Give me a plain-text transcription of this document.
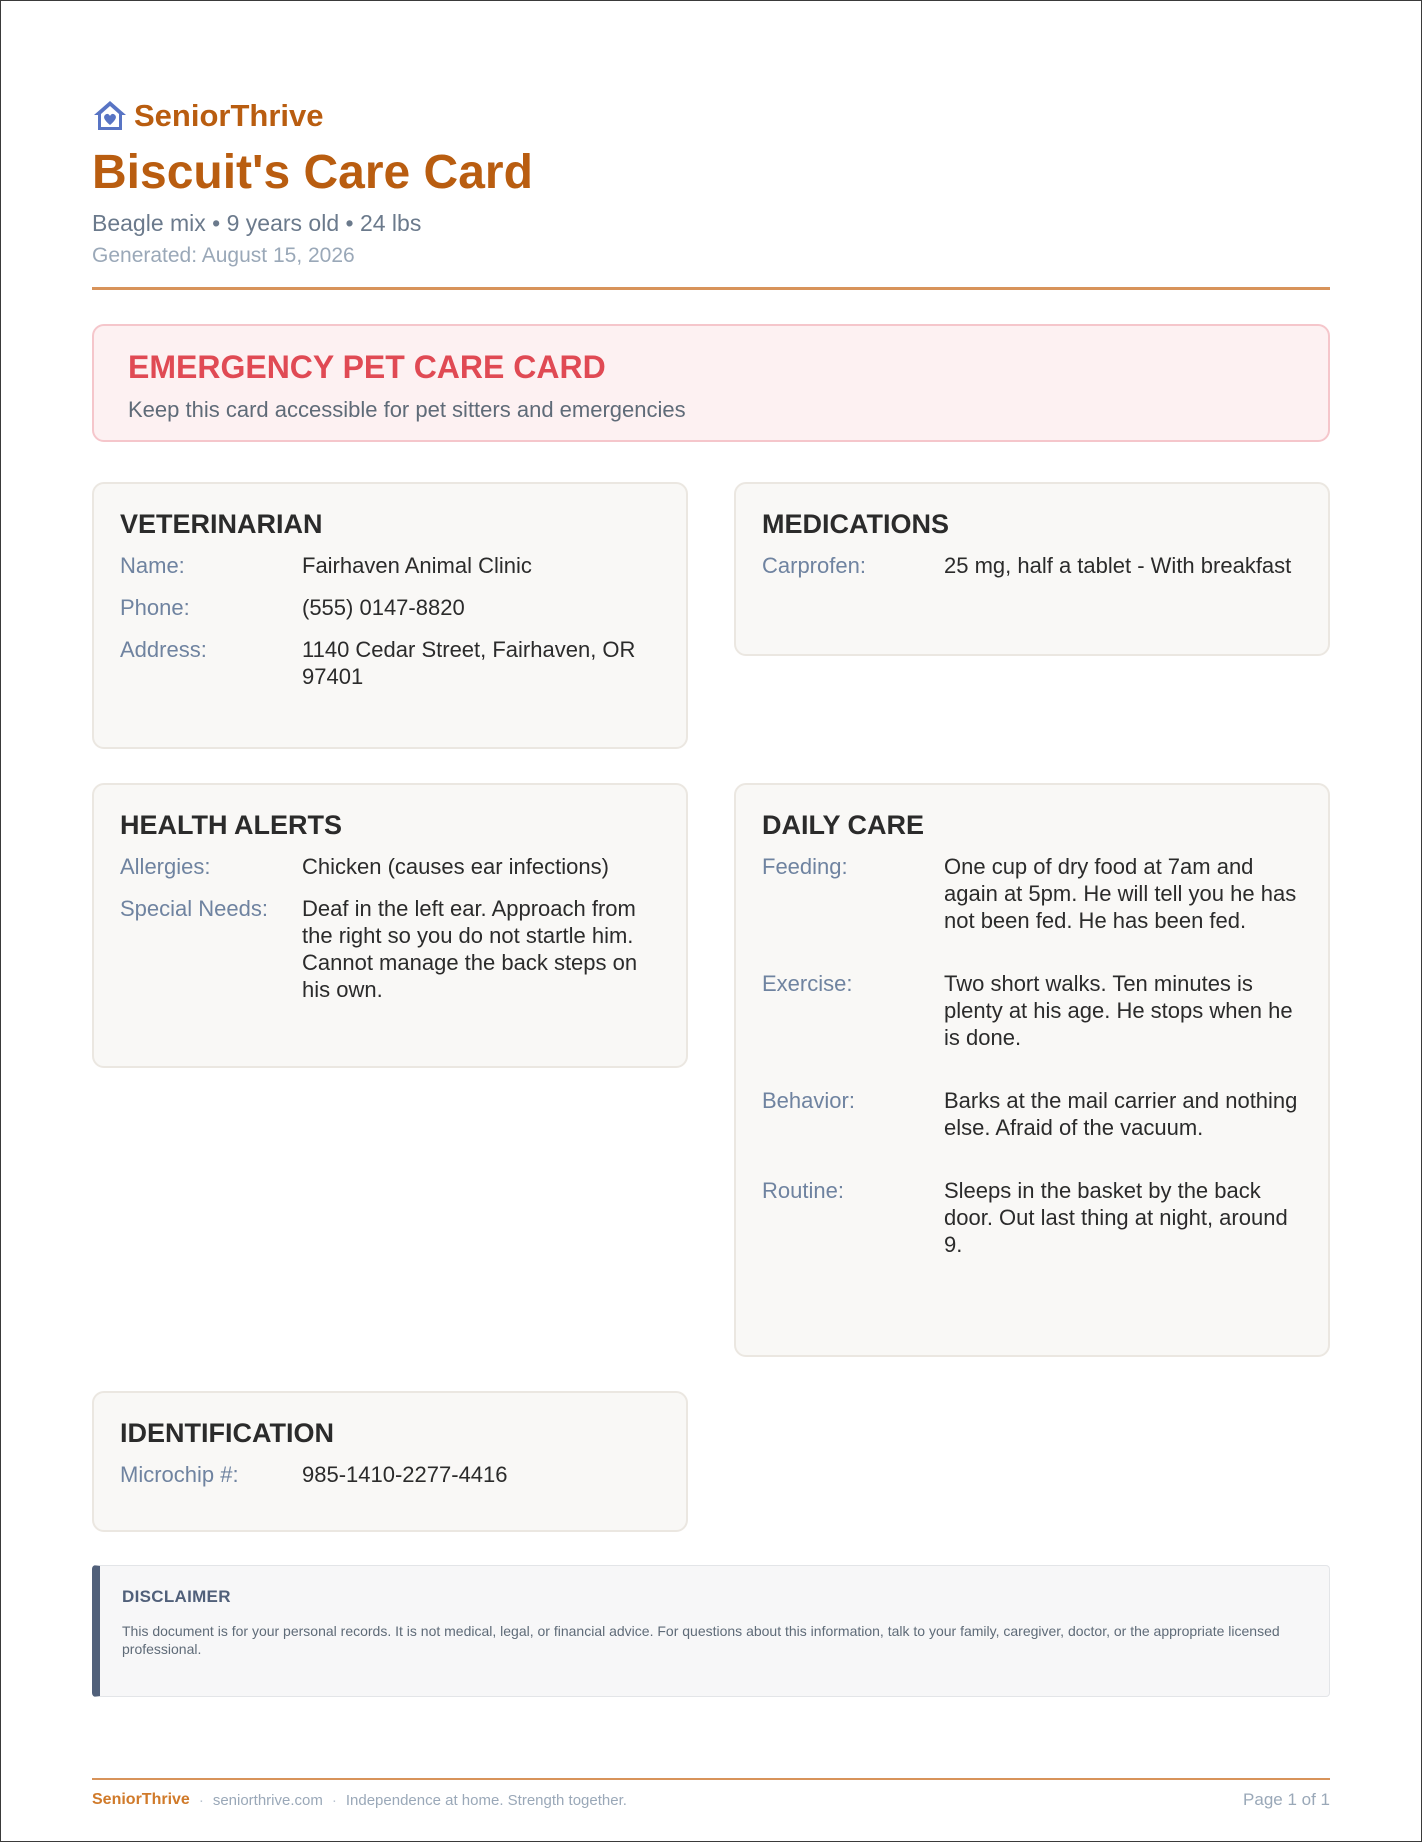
SeniorThrive
Biscuit's Care Card
Beagle mix • 9 years old • 24 lbs
Generated: August 15, 2026
EMERGENCY PET CARE CARD
Keep this card accessible for pet sitters and emergencies
VETERINARIAN
Name:	Fairhaven Animal Clinic
Phone:	(555) 0147-8820
Address:	1140 Cedar Street, Fairhaven, OR 97401
MEDICATIONS
Carprofen:	25 mg, half a tablet - With breakfast
HEALTH ALERTS
Allergies:	Chicken (causes ear infections)
Special Needs:	Deaf in the left ear. Approach from the right so you do not startle him. Cannot manage the back steps on his own.
DAILY CARE
Feeding:	One cup of dry food at 7am and again at 5pm. He will tell you he has not been fed. He has been fed.
Exercise:	Two short walks. Ten minutes is plenty at his age. He stops when he is done.
Behavior:	Barks at the mail carrier and nothing else. Afraid of the vacuum.
Routine:	Sleeps in the basket by the back door. Out last thing at night, around 9.
IDENTIFICATION
Microchip #:	985-1410-2277-4416
DISCLAIMER
This document is for your personal records. It is not medical, legal, or financial advice. For questions about this information, talk to your family, caregiver, doctor, or the appropriate licensed professional.
SeniorThrive · seniorthrive.com · Independence at home. Strength together.	Page 1 of 1
